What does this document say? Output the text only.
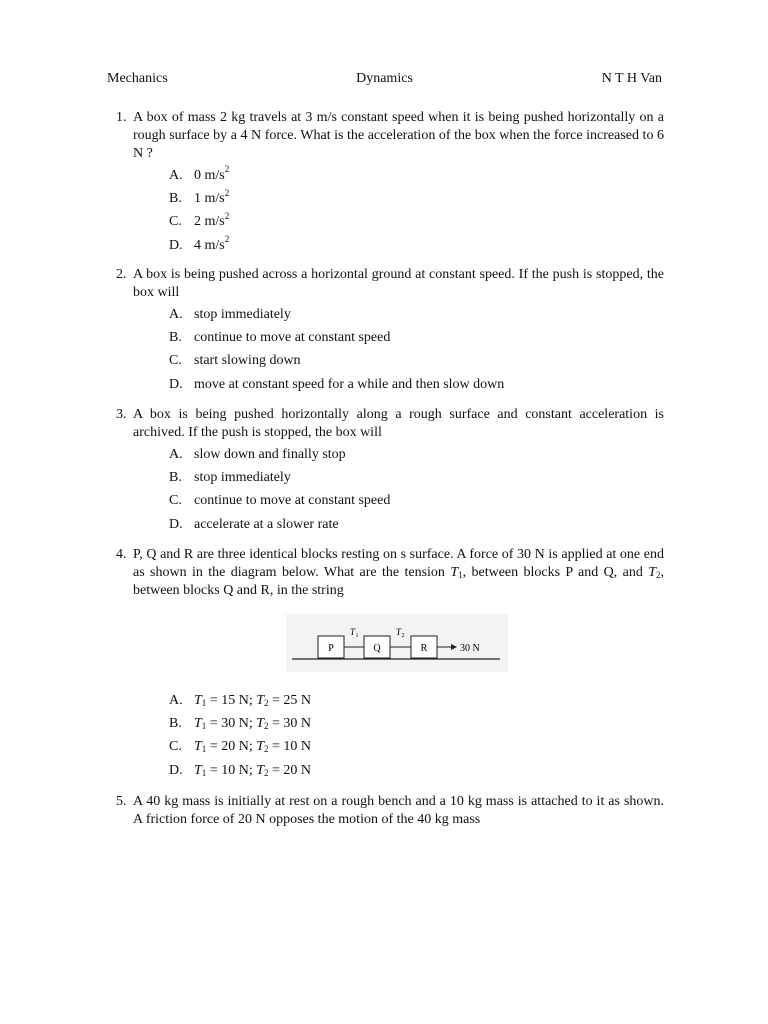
Mechanics	Dynamics	N T H Van
1. A box of mass 2 kg travels at 3 m/s constant speed when it is being pushed horizontally on a rough surface by a 4 N force. What is the acceleration of the box when the force increased to 6 N ?
A. 0 $m/s^2$
B. 1 $m/s^2$
C. 2 $m/s^2$
D. 4 $m/s^2$
2. A box is being pushed across a horizontal ground at constant speed. If the push is stopped, the box will
A. stop immediately
B. continue to move at constant speed
C. start slowing down
D. move at constant speed for a while and then slow down
3. A box is being pushed horizontally along a rough surface and constant acceleration is archived. If the push is stopped, the box will
A. slow down and finally stop
B. stop immediately
C. continue to move at constant speed
D. accelerate at a slower rate
4. P, Q and R are three identical blocks resting on s surface. A force of 30 N is applied at one end as shown in the diagram below. What are the tension $T_1$, between blocks P and Q, and $T_2$, between blocks Q and R, in the string
P	Q	R
T 1	T 2
30 N
A. $T_1 = 15$ N; $T_2 = 25$ N
B. $T_1 = 30$ N; $T_2 = 30$ N
C. $T_1 = 20$ N; $T_2 = 10$ N
D. $T_1 = 10$ N; $T_2 = 20$ N
5. A 40 kg mass is initially at rest on a rough bench and a 10 kg mass is attached to it as shown. A friction force of 20 N opposes the motion of the 40 kg mass
